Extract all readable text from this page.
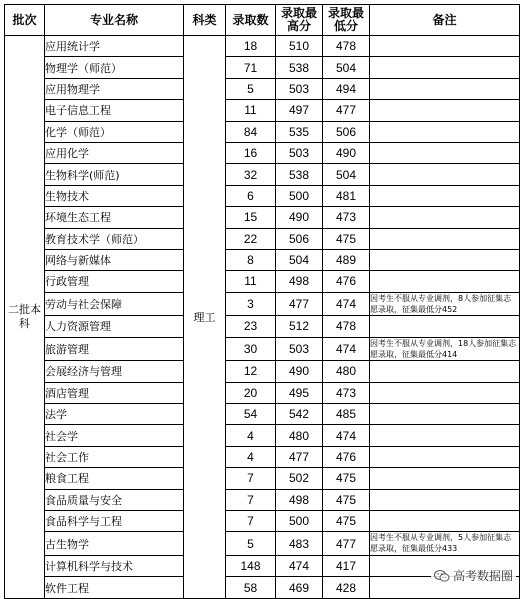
批次	专业名称	科类	录取数	录取最高分	录取最低分	备注
二批本科	应用统计学	理工	18	510	478	
	物理学（师范）		71	538	504	
	应用物理学		5	503	494	
	电子信息工程		11	497	477	
	化学（师范）		84	535	506	
	应用化学		16	503	490	
	生物科学(师范)		32	538	504	
	生物技术		6	500	481	
	环境生态工程		15	490	473	
	教育技术学（师范）		22	506	475	
	网络与新媒体		8	504	489	
	行政管理		11	498	476	
	劳动与社会保障		3	477	474	因考生不服从专业调剂，8人参加征集志愿录取，征集最低分452
	人力资源管理		23	512	478	
	旅游管理		30	503	474	因考生不服从专业调剂，18人参加征集志愿录取，征集最低分414
	会展经济与管理		12	490	480	
	酒店管理		20	495	473	
	法学		54	542	485	
	社会学		4	480	474	
	社会工作		4	477	476	
	粮食工程		7	502	475	
	食品质量与安全		7	498	475	
	食品科学与工程		7	500	475	
	古生物学		5	483	477	因考生不服从专业调剂，5人参加征集志愿录取，征集最低分433
	计算机科学与技术		148	474	417	
	软件工程		58	469	428	
高考数据圈
